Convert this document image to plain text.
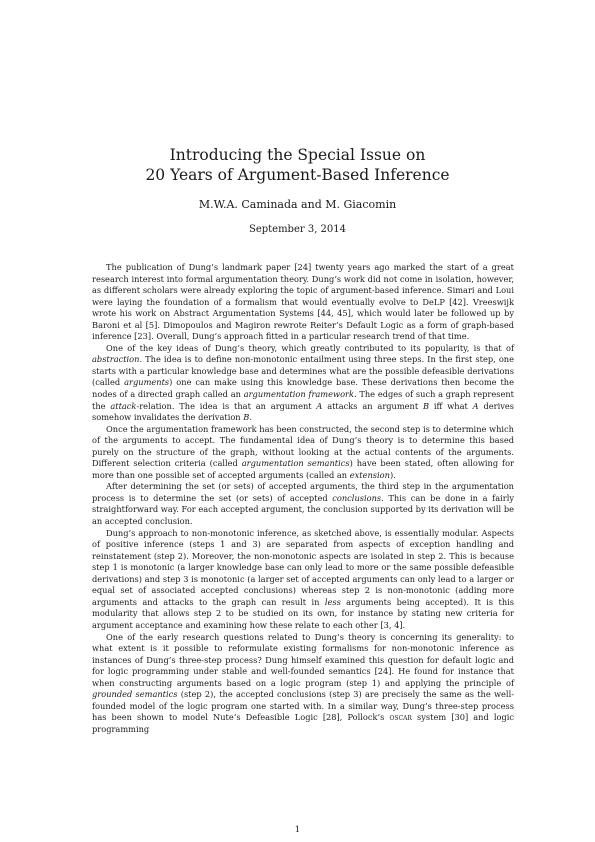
Introducing the Special Issue on
20 Years of Argument-Based Inference
M.W.A. Caminada and M. Giacomin
September 3, 2014

The publication of Dung’s landmark paper [24] twenty years ago marked the start of a great research interest into formal argumentation theory. Dung’s work did not come in isolation, however, as different scholars were already exploring the topic of argument-based inference. Simari and Loui were laying the foundation of a formalism that would eventually evolve to DeLP [42]. Vreeswijk wrote his work on Abstract Argumentation Systems [44, 45], which would later be followed up by Baroni et al [5]. Dimopoulos and Magiron rewrote Reiter’s Default Logic as a form of graph-based inference [23]. Overall, Dung’s approach fitted in a particular research trend of that time.

One of the key ideas of Dung’s theory, which greatly contributed to its popularity, is that of abstraction. The idea is to define non-monotonic entailment using three steps. In the first step, one starts with a particular knowledge base and determines what are the possible defeasible derivations (called arguments) one can make using this knowledge base. These derivations then become the nodes of a directed graph called an argumentation framework. The edges of such a graph represent the attack-relation. The idea is that an argument A attacks an argument B iff what A derives somehow invalidates the derivation B.

Once the argumentation framework has been constructed, the second step is to determine which of the arguments to accept. The fundamental idea of Dung’s theory is to determine this based purely on the structure of the graph, without looking at the actual contents of the arguments. Different selection criteria (called argumentation semantics) have been stated, often allowing for more than one possible set of accepted arguments (called an extension).

After determining the set (or sets) of accepted arguments, the third step in the argumentation process is to determine the set (or sets) of accepted conclusions. This can be done in a fairly straightforward way. For each accepted argument, the conclusion supported by its derivation will be an accepted conclusion.

Dung’s approach to non-monotonic inference, as sketched above, is essentially modular. Aspects of positive inference (steps 1 and 3) are separated from aspects of exception handling and reinstatement (step 2). Moreover, the non-monotonic aspects are isolated in step 2. This is because step 1 is monotonic (a larger knowledge base can only lead to more or the same possible defeasible derivations) and step 3 is monotonic (a larger set of accepted arguments can only lead to a larger or equal set of associated accepted conclusions) whereas step 2 is non-monotonic (adding more arguments and attacks to the graph can result in less arguments being accepted). It is this modularity that allows step 2 to be studied on its own, for instance by stating new criteria for argument acceptance and examining how these relate to each other [3, 4].

One of the early research questions related to Dung’s theory is concerning its generality: to what extent is it possible to reformulate existing formalisms for non-monotonic inference as instances of Dung’s three-step process? Dung himself examined this question for default logic and for logic programming under stable and well-founded semantics [24]. He found for instance that when constructing arguments based on a logic program (step 1) and applying the principle of grounded semantics (step 2), the accepted conclusions (step 3) are precisely the same as the well-founded model of the logic program one started with. In a similar way, Dung’s three-step process has been shown to model Nute’s Defeasible Logic [28], Pollock’s oscar system [30] and logic programming

1
